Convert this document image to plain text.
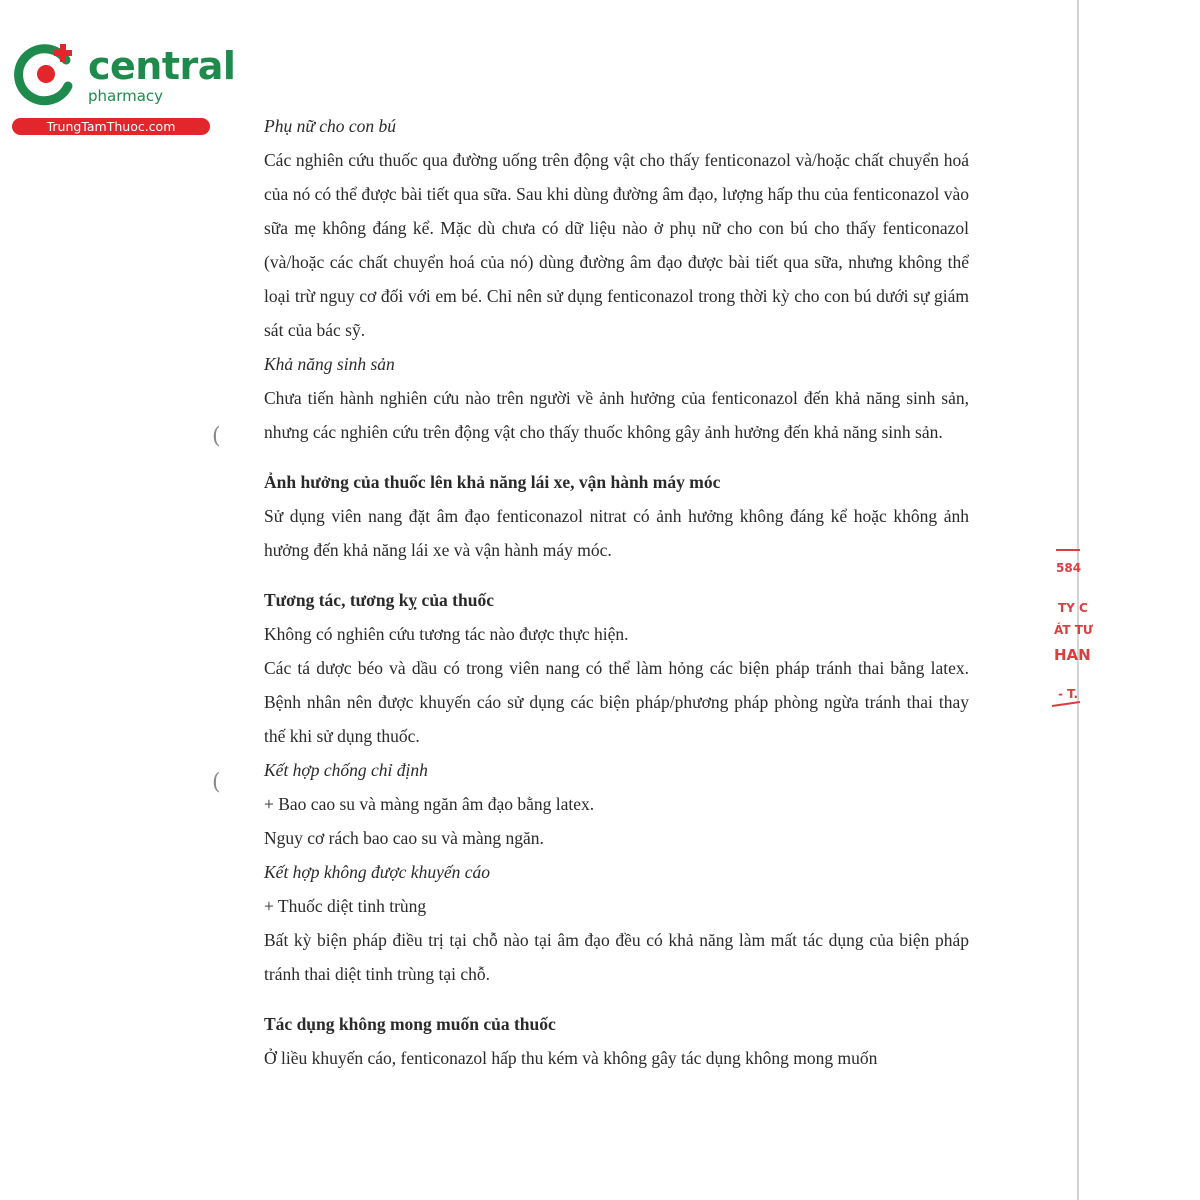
central
pharmacy
TrungTamThuoc.com
(
(
584
TY C
ÁT TƯ
HAN
- T.

Phụ nữ cho con bú

Các nghiên cứu thuốc qua đường uống trên động vật cho thấy fenticonazol và/hoặc chất chuyển hoá của nó có thể được bài tiết qua sữa. Sau khi dùng đường âm đạo, lượng hấp thu của fenticonazol vào sữa mẹ không đáng kể. Mặc dù chưa có dữ liệu nào ở phụ nữ cho con bú cho thấy fenticonazol (và/hoặc các chất chuyển hoá của nó) dùng đường âm đạo được bài tiết qua sữa, nhưng không thể loại trừ nguy cơ đối với em bé. Chỉ nên sử dụng fenticonazol trong thời kỳ cho con bú dưới sự giám sát của bác sỹ.

Khả năng sinh sản

Chưa tiến hành nghiên cứu nào trên người về ảnh hưởng của fenticonazol đến khả năng sinh sản, nhưng các nghiên cứu trên động vật cho thấy thuốc không gây ảnh hưởng đến khả năng sinh sản.

Ảnh hưởng của thuốc lên khả năng lái xe, vận hành máy móc

Sử dụng viên nang đặt âm đạo fenticonazol nitrat có ảnh hưởng không đáng kể hoặc không ảnh hưởng đến khả năng lái xe và vận hành máy móc.

Tương tác, tương kỵ của thuốc

Không có nghiên cứu tương tác nào được thực hiện.

Các tá dược béo và dầu có trong viên nang có thể làm hỏng các biện pháp tránh thai bằng latex. Bệnh nhân nên được khuyến cáo sử dụng các biện pháp/phương pháp phòng ngừa tránh thai thay thế khi sử dụng thuốc.

Kết hợp chống chỉ định

+ Bao cao su và màng ngăn âm đạo bằng latex.

Nguy cơ rách bao cao su và màng ngăn.

Kết hợp không được khuyến cáo

+ Thuốc diệt tinh trùng

Bất kỳ biện pháp điều trị tại chỗ nào tại âm đạo đều có khả năng làm mất tác dụng của biện pháp tránh thai diệt tinh trùng tại chỗ.

Tác dụng không mong muốn của thuốc

Ở liều khuyến cáo, fenticonazol hấp thu kém và không gây tác dụng không mong muốn
